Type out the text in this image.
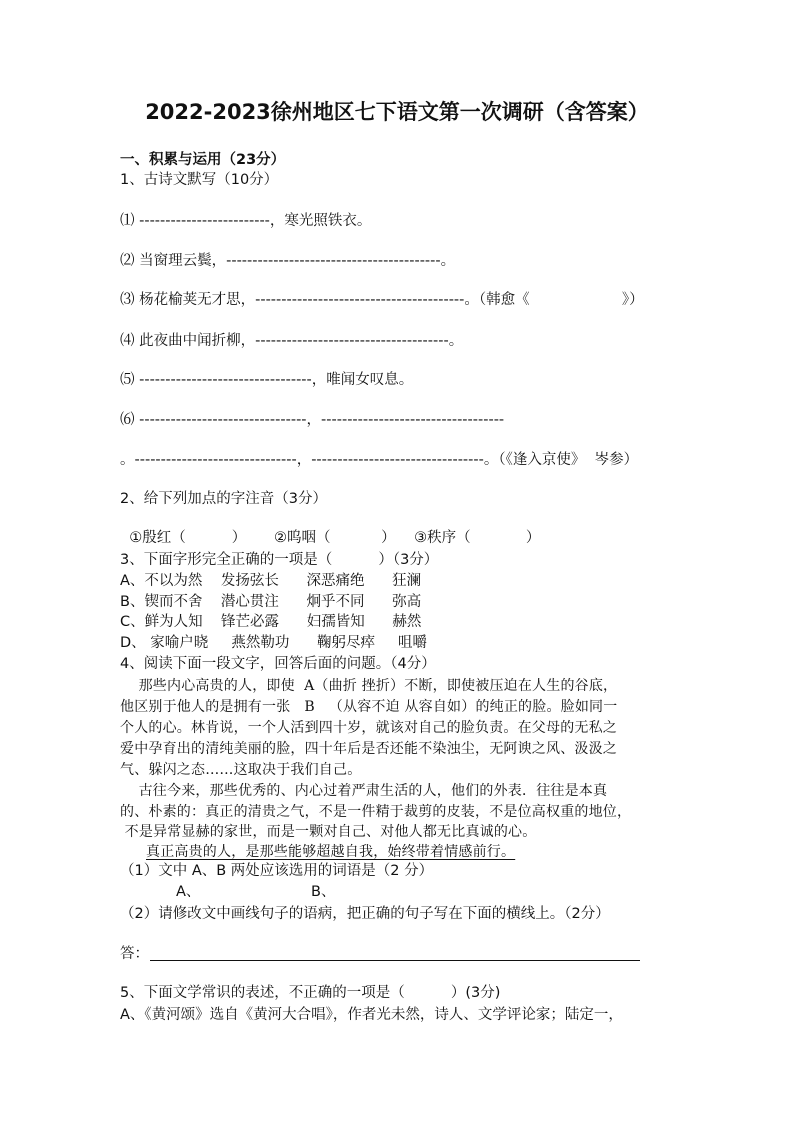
2022-2023徐州地区七下语文第一次调研（含答案）
一、积累与运用（23分）
1、古诗文默写（10分）
⑴ -------------------------，寒光照铁衣。
⑵ 当窗理云鬓，-----------------------------------------。
⑶ 杨花榆荚无才思，----------------------------------------。（韩愈《                    》）
⑷ 此夜曲中闻折柳，-------------------------------------。
⑸ ---------------------------------，唯闻女叹息。
⑹ --------------------------------，-----------------------------------
。-------------------------------，---------------------------------。（《逢入京使》  岑参）
2、给下列加点的字注音（3分）
①殷红（          ）      ②呜咽（           ）    ③秩序（            ）
3、下面字形完全正确的一项是（          ）（3分）
A、不以为然    发扬弦长      深恶痛绝      狂澜
B、锲而不舍    潜心贯注      炯乎不同      弥高
C、鲜为人知    锋芒必露      妇孺皆知      赫然
D、 家喻户晓     燕然勒功      鞠躬尽瘁     咀嚼
4、阅读下面一段文字，回答后面的问题。（4分）
那些内心高贵的人，即使  A（曲折 挫折）不断，即使被压迫在人生的谷底，
他区别于他人的是拥有一张   B   （从容不迫 从容自如）的纯正的脸。脸如同一
个人的心。林肯说，一个人活到四十岁，就该对自己的脸负责。在父母的无私之
爱中孕育出的清纯美丽的脸，四十年后是否还能不染浊尘，无阿谀之风、汲汲之
气、躲闪之态……这取决于我们自己。
古往今来，那些优秀的、内心过着严肃生活的人，他们的外表．往往是本真
的、朴素的：真正的清贵之气，不是一件精于裁剪的皮装，不是位高权重的地位，
不是异常显赫的家世，而是一颗对自己、对他人都无比真诚的心。
真正高贵的人，是那些能够超越自我，始终带着情感前行。
（1）文中 A、B 两处应该选用的词语是（2 分）
A、                        B、
（2）请修改文中画线句子的语病，把正确的句子写在下面的横线上。（2分）
答：
5、下面文学常识的表述，不正确的一项是（          ）(3分)
A、《黄河颂》选自《黄河大合唱》，作者光未然，诗人、文学评论家；陆定一，
